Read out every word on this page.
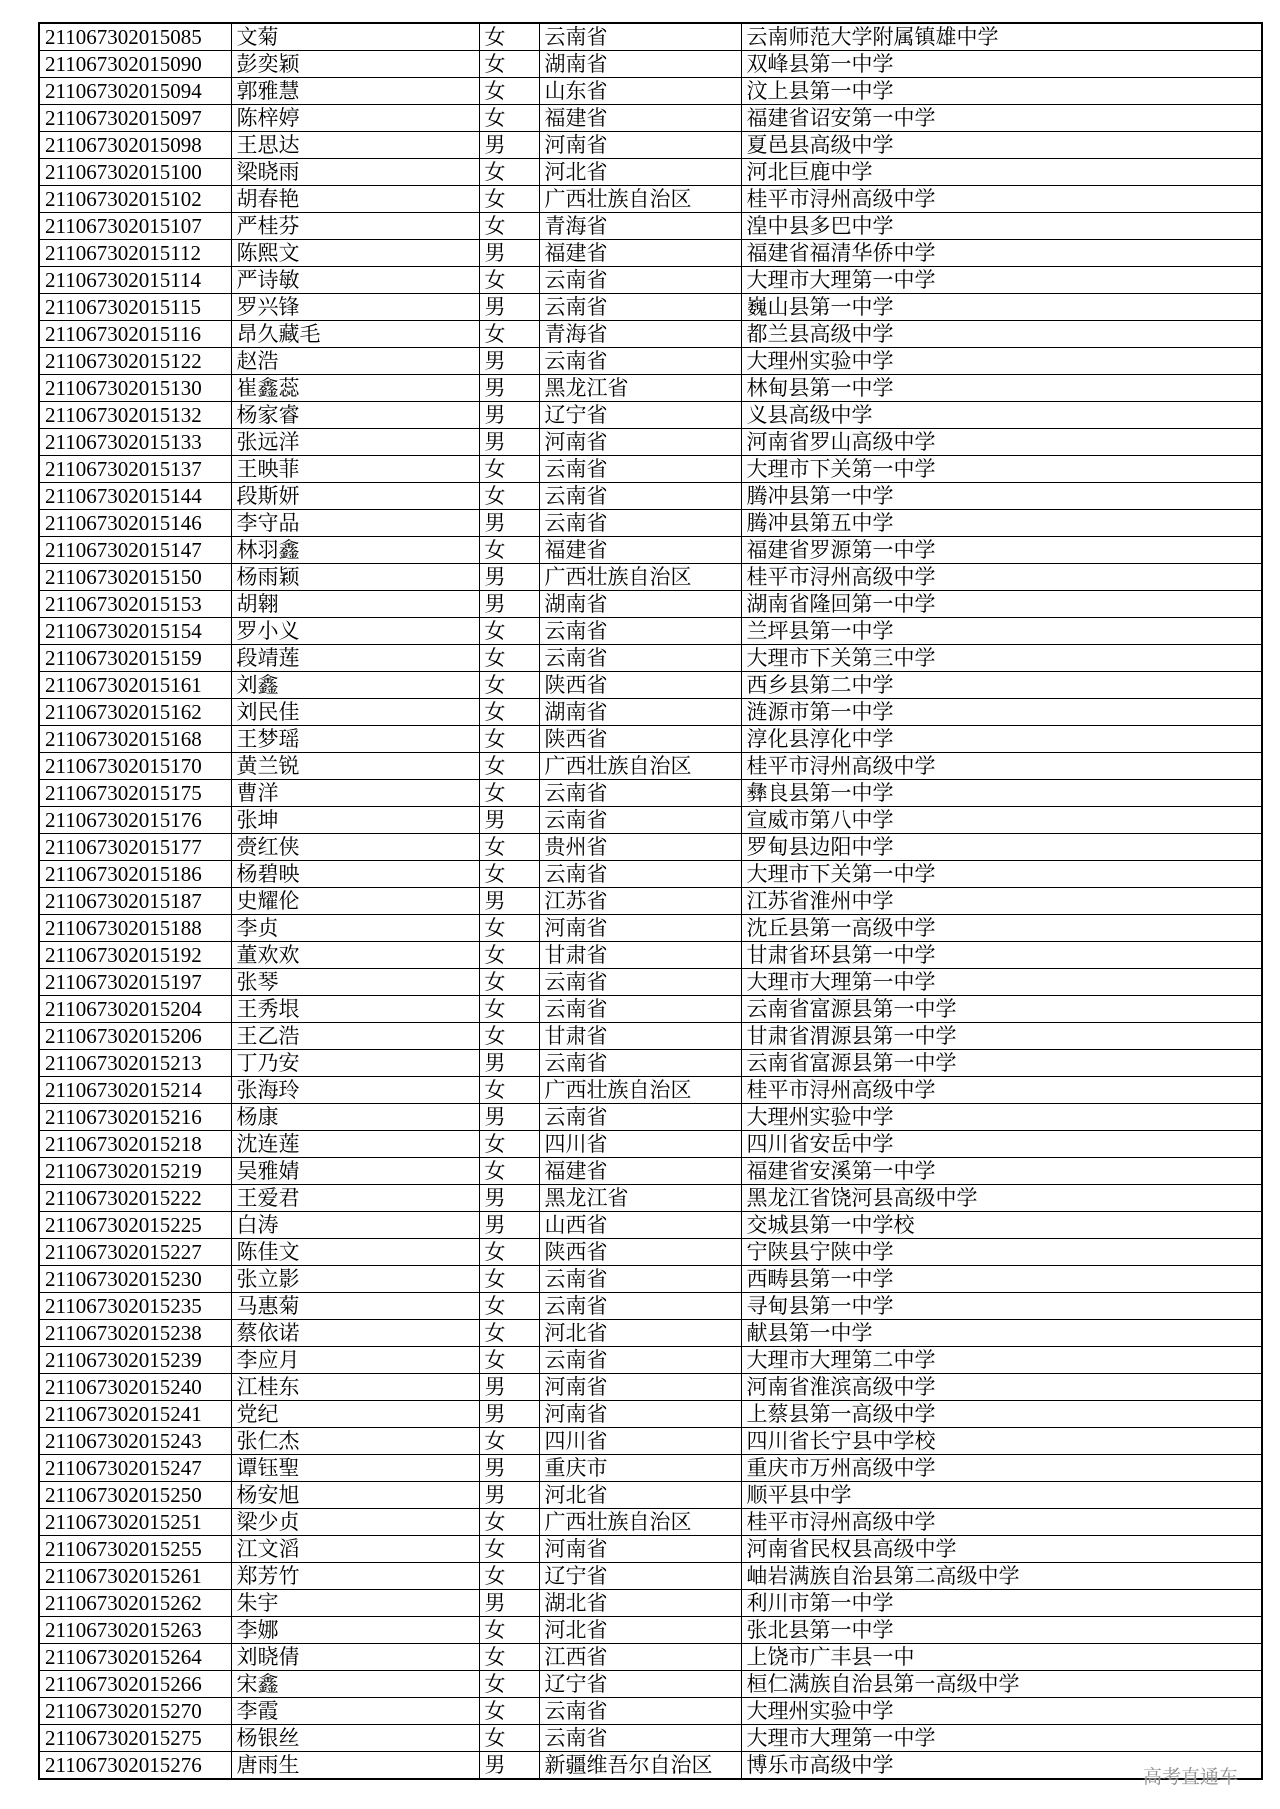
211067302015085	文菊	女	云南省	云南师范大学附属镇雄中学
211067302015090	彭奕颖	女	湖南省	双峰县第一中学
211067302015094	郭雅慧	女	山东省	汶上县第一中学
211067302015097	陈梓婷	女	福建省	福建省诏安第一中学
211067302015098	王思达	男	河南省	夏邑县高级中学
211067302015100	梁晓雨	女	河北省	河北巨鹿中学
211067302015102	胡春艳	女	广西壮族自治区	桂平市浔州高级中学
211067302015107	严桂芬	女	青海省	湟中县多巴中学
211067302015112	陈熙文	男	福建省	福建省福清华侨中学
211067302015114	严诗敏	女	云南省	大理市大理第一中学
211067302015115	罗兴锋	男	云南省	巍山县第一中学
211067302015116	昂久藏毛	女	青海省	都兰县高级中学
211067302015122	赵浩	男	云南省	大理州实验中学
211067302015130	崔鑫蕊	男	黑龙江省	林甸县第一中学
211067302015132	杨家睿	男	辽宁省	义县高级中学
211067302015133	张远洋	男	河南省	河南省罗山高级中学
211067302015137	王映菲	女	云南省	大理市下关第一中学
211067302015144	段斯妍	女	云南省	腾冲县第一中学
211067302015146	李守品	男	云南省	腾冲县第五中学
211067302015147	林羽鑫	女	福建省	福建省罗源第一中学
211067302015150	杨雨颖	男	广西壮族自治区	桂平市浔州高级中学
211067302015153	胡翱	男	湖南省	湖南省隆回第一中学
211067302015154	罗小义	女	云南省	兰坪县第一中学
211067302015159	段靖莲	女	云南省	大理市下关第三中学
211067302015161	刘鑫	女	陕西省	西乡县第二中学
211067302015162	刘民佳	女	湖南省	涟源市第一中学
211067302015168	王梦瑶	女	陕西省	淳化县淳化中学
211067302015170	黄兰锐	女	广西壮族自治区	桂平市浔州高级中学
211067302015175	曹洋	女	云南省	彝良县第一中学
211067302015176	张坤	男	云南省	宣威市第八中学
211067302015177	赍红侠	女	贵州省	罗甸县边阳中学
211067302015186	杨碧映	女	云南省	大理市下关第一中学
211067302015187	史耀伦	男	江苏省	江苏省淮州中学
211067302015188	李贞	女	河南省	沈丘县第一高级中学
211067302015192	董欢欢	女	甘肃省	甘肃省环县第一中学
211067302015197	张琴	女	云南省	大理市大理第一中学
211067302015204	王秀垠	女	云南省	云南省富源县第一中学
211067302015206	王乙浩	女	甘肃省	甘肃省渭源县第一中学
211067302015213	丁乃安	男	云南省	云南省富源县第一中学
211067302015214	张海玲	女	广西壮族自治区	桂平市浔州高级中学
211067302015216	杨康	男	云南省	大理州实验中学
211067302015218	沈连莲	女	四川省	四川省安岳中学
211067302015219	吴雅婧	女	福建省	福建省安溪第一中学
211067302015222	王爱君	男	黑龙江省	黑龙江省饶河县高级中学
211067302015225	白涛	男	山西省	交城县第一中学校
211067302015227	陈佳文	女	陕西省	宁陕县宁陕中学
211067302015230	张立影	女	云南省	西畴县第一中学
211067302015235	马惠菊	女	云南省	寻甸县第一中学
211067302015238	蔡依诺	女	河北省	献县第一中学
211067302015239	李应月	女	云南省	大理市大理第二中学
211067302015240	江桂东	男	河南省	河南省淮滨高级中学
211067302015241	党纪	男	河南省	上蔡县第一高级中学
211067302015243	张仁杰	女	四川省	四川省长宁县中学校
211067302015247	谭钰聖	男	重庆市	重庆市万州高级中学
211067302015250	杨安旭	男	河北省	顺平县中学
211067302015251	梁少贞	女	广西壮族自治区	桂平市浔州高级中学
211067302015255	江文滔	女	河南省	河南省民权县高级中学
211067302015261	郑芳竹	女	辽宁省	岫岩满族自治县第二高级中学
211067302015262	朱宇	男	湖北省	利川市第一中学
211067302015263	李娜	女	河北省	张北县第一中学
211067302015264	刘晓倩	女	江西省	上饶市广丰县一中
211067302015266	宋鑫	女	辽宁省	桓仁满族自治县第一高级中学
211067302015270	李霞	女	云南省	大理州实验中学
211067302015275	杨银丝	女	云南省	大理市大理第一中学
211067302015276	唐雨生	男	新疆维吾尔自治区	博乐市高级中学
高考直通车
